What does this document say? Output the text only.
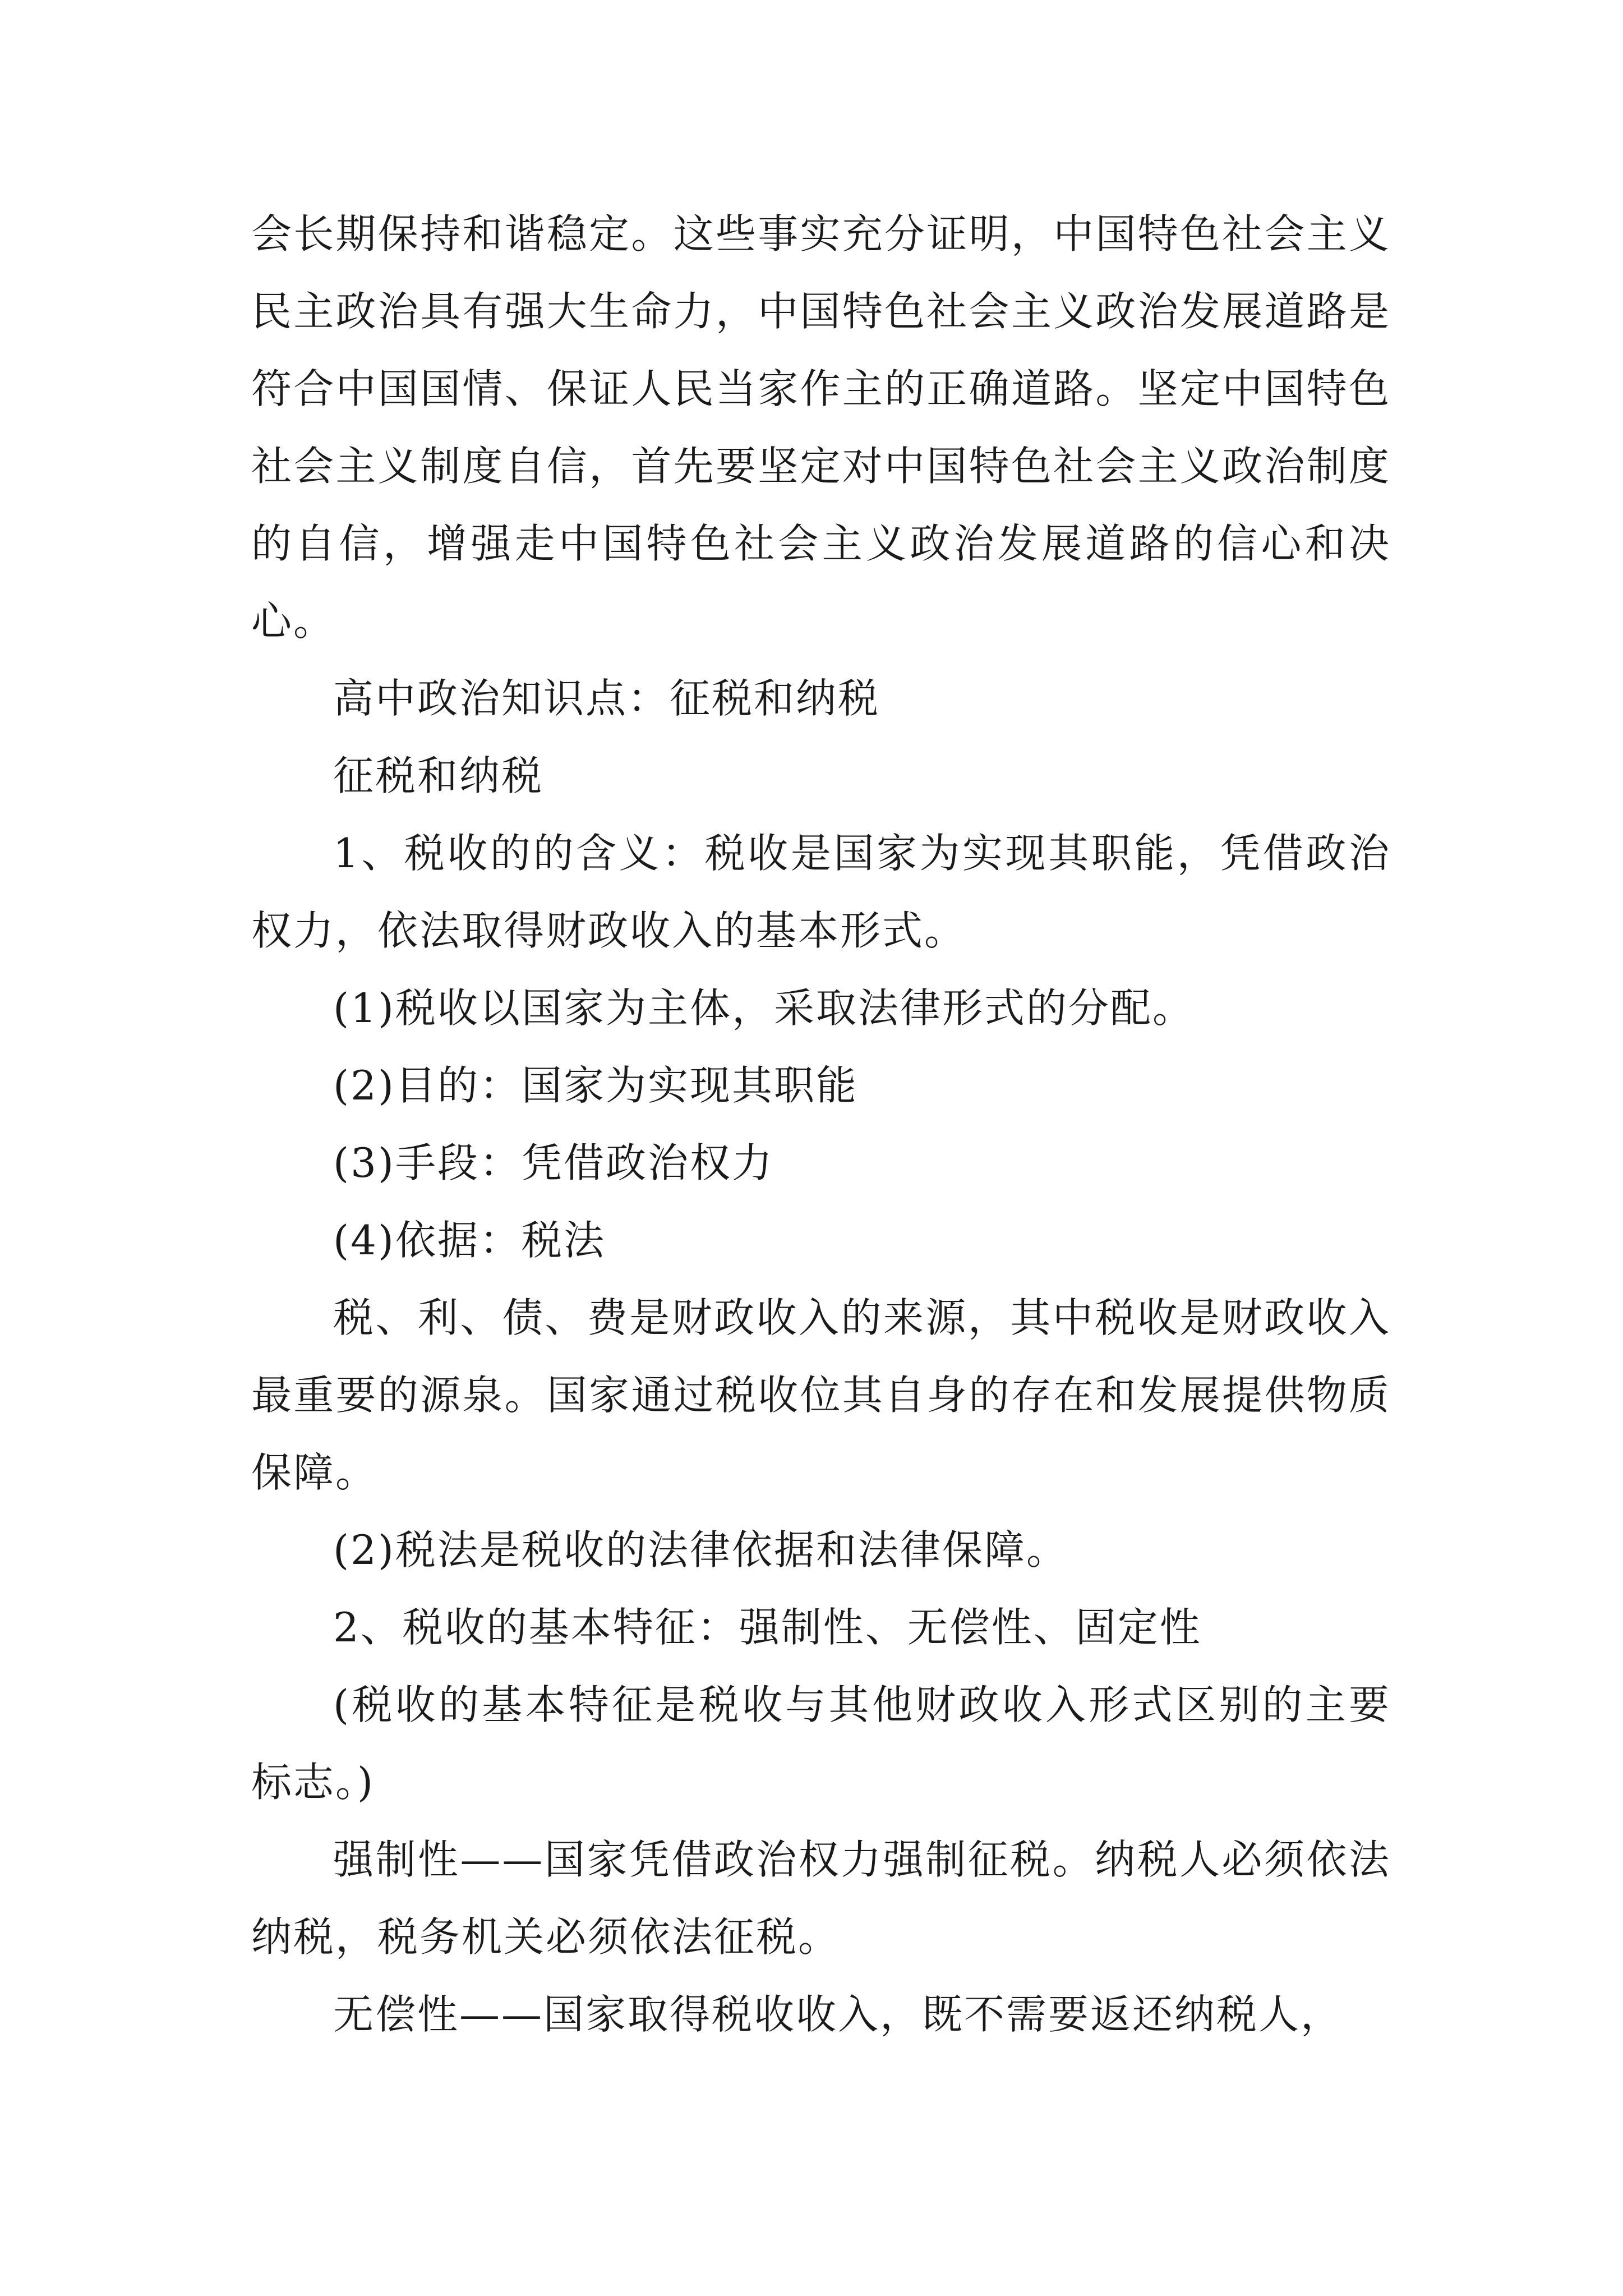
会长期保持和谐稳定。这些事实充分证明，中国特色社会主义民主政治具有强大生命力，中国特色社会主义政治发展道路是符合中国国情、保证人民当家作主的正确道路。坚定中国特色社会主义制度自信，首先要坚定对中国特色社会主义政治制度的自信，增强走中国特色社会主义政治发展道路的信心和决心。

高中政治知识点：征税和纳税

征税和纳税

1、税收的的含义：税收是国家为实现其职能，凭借政治权力，依法取得财政收入的基本形式。

(1)税收以国家为主体，采取法律形式的分配。

(2)目的：国家为实现其职能

(3)手段：凭借政治权力

(4)依据：税法

税、利、债、费是财政收入的来源，其中税收是财政收入最重要的源泉。国家通过税收位其自身的存在和发展提供物质保障。

(2)税法是税收的法律依据和法律保障。

2、税收的基本特征：强制性、无偿性、固定性

(税收的基本特征是税收与其他财政收入形式区别的主要标志。)

强制性——国家凭借政治权力强制征税。纳税人必须依法纳税，税务机关必须依法征税。

无偿性——国家取得税收收入，既不需要返还纳税人，
